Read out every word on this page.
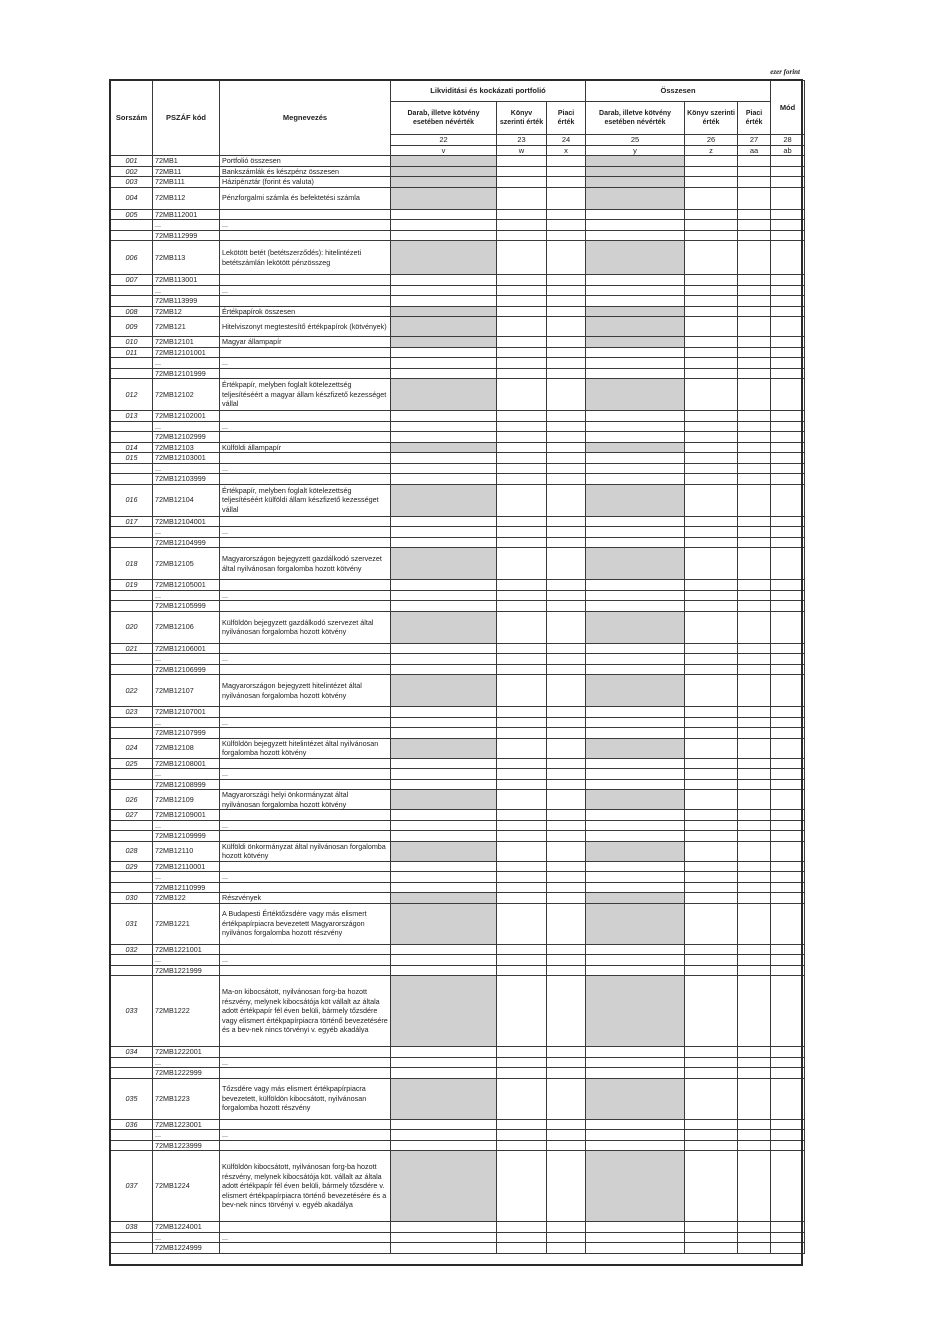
ezer forint
Sorszám	PSZÁF kód	Megnevezés	Likviditási és kockázati portfolió			Összesen			Mód
			Darab, illetve kötvény esetében névérték	Könyv szerinti érték	Piaci érték	Darab, illetve kötvény esetében névérték	Könyv szerinti érték	Piaci érték	
			22	23	24	25	26	27	28
			v	w	x	y	z	aa	ab
001	72MB1	Portfolió összesen							
002	72MB11	Bankszámlák és készpénz összesen							
003	72MB111	Házipénztár (forint és valuta)							
004	72MB112	Pénzforgalmi számla és befektetési számla							
005	72MB112001								
	...	...							
	72MB112999								
006	72MB113	Lekötött betét (betétszerződés): hitelintézeti betétszámlán lekötött pénzösszeg							
007	72MB113001								
	...	...							
	72MB113999								
008	72MB12	Értékpapírok összesen							
009	72MB121	Hitelviszonyt megtestesítő értékpapírok (kötvények)							
010	72MB12101	Magyar állampapír							
011	72MB12101001								
	...	...							
	72MB12101999								
012	72MB12102	Értékpapír, melyben foglalt kötelezettség teljesítéséért a magyar állam készfizető kezességet vállal							
013	72MB12102001								
	...	...							
	72MB12102999								
014	72MB12103	Külföldi állampapír							
015	72MB12103001								
	...	...							
	72MB12103999								
016	72MB12104	Értékpapír, melyben foglalt kötelezettség teljesítéséért külföldi állam készfizető kezességet vállal							
017	72MB12104001								
	...	...							
	72MB12104999								
018	72MB12105	Magyarországon bejegyzett gazdálkodó szervezet által nyilvánosan forgalomba hozott kötvény							
019	72MB12105001								
	...	...							
	72MB12105999								
020	72MB12106	Külföldön bejegyzett gazdálkodó szervezet által nyilvánosan forgalomba hozott kötvény							
021	72MB12106001								
	...	...							
	72MB12106999								
022	72MB12107	Magyarországon bejegyzett hitelintézet által nyilvánosan forgalomba hozott kötvény							
023	72MB12107001								
	...	...							
	72MB12107999								
024	72MB12108	Külföldön bejegyzett hitelintézet által nyilvánosan forgalomba hozott kötvény							
025	72MB12108001								
	...	...							
	72MB12108999								
026	72MB12109	Magyarországi helyi önkormányzat által nyilvánosan forgalomba hozott kötvény							
027	72MB12109001								
	...	...							
	72MB12109999								
028	72MB12110	Külföldi önkormányzat által nyilvánosan forgalomba hozott kötvény							
029	72MB12110001								
	...	...							
	72MB12110999								
030	72MB122	Részvények							
031	72MB1221	A Budapesti Értéktőzsdére vagy más elismert értékpapírpiacra bevezetett Magyarországon nyilvános forgalomba hozott részvény							
032	72MB1221001								
	...	...							
	72MB1221999								
033	72MB1222	Ma-on kibocsátott, nyilvánosan forg-ba hozott részvény, melynek kibocsátója köt vállalt az általa adott értékpapír fél éven belüli, bármely tőzsdére vagy elismert értékpapírpiacra történő bevezetésére és a bev-nek nincs törvényi v. egyéb akadálya							
034	72MB1222001								
	...	...							
	72MB1222999								
035	72MB1223	Tőzsdére vagy más elismert értékpapírpiacra bevezetett, külföldön kibocsátott, nyilvánosan forgalomba hozott részvény							
036	72MB1223001								
	...	...							
	72MB1223999								
037	72MB1224	Külföldön kibocsátott, nyilvánosan forg-ba hozott részvény, melynek kibocsátója köt. vállalt az általa adott értékpapír fél éven belüli, bármely tőzsdére v. elismert értékpapírpiacra történő bevezetésére és a bev-nek nincs törvényi v. egyéb akadálya							
038	72MB1224001								
	...	...							
	72MB1224999								
